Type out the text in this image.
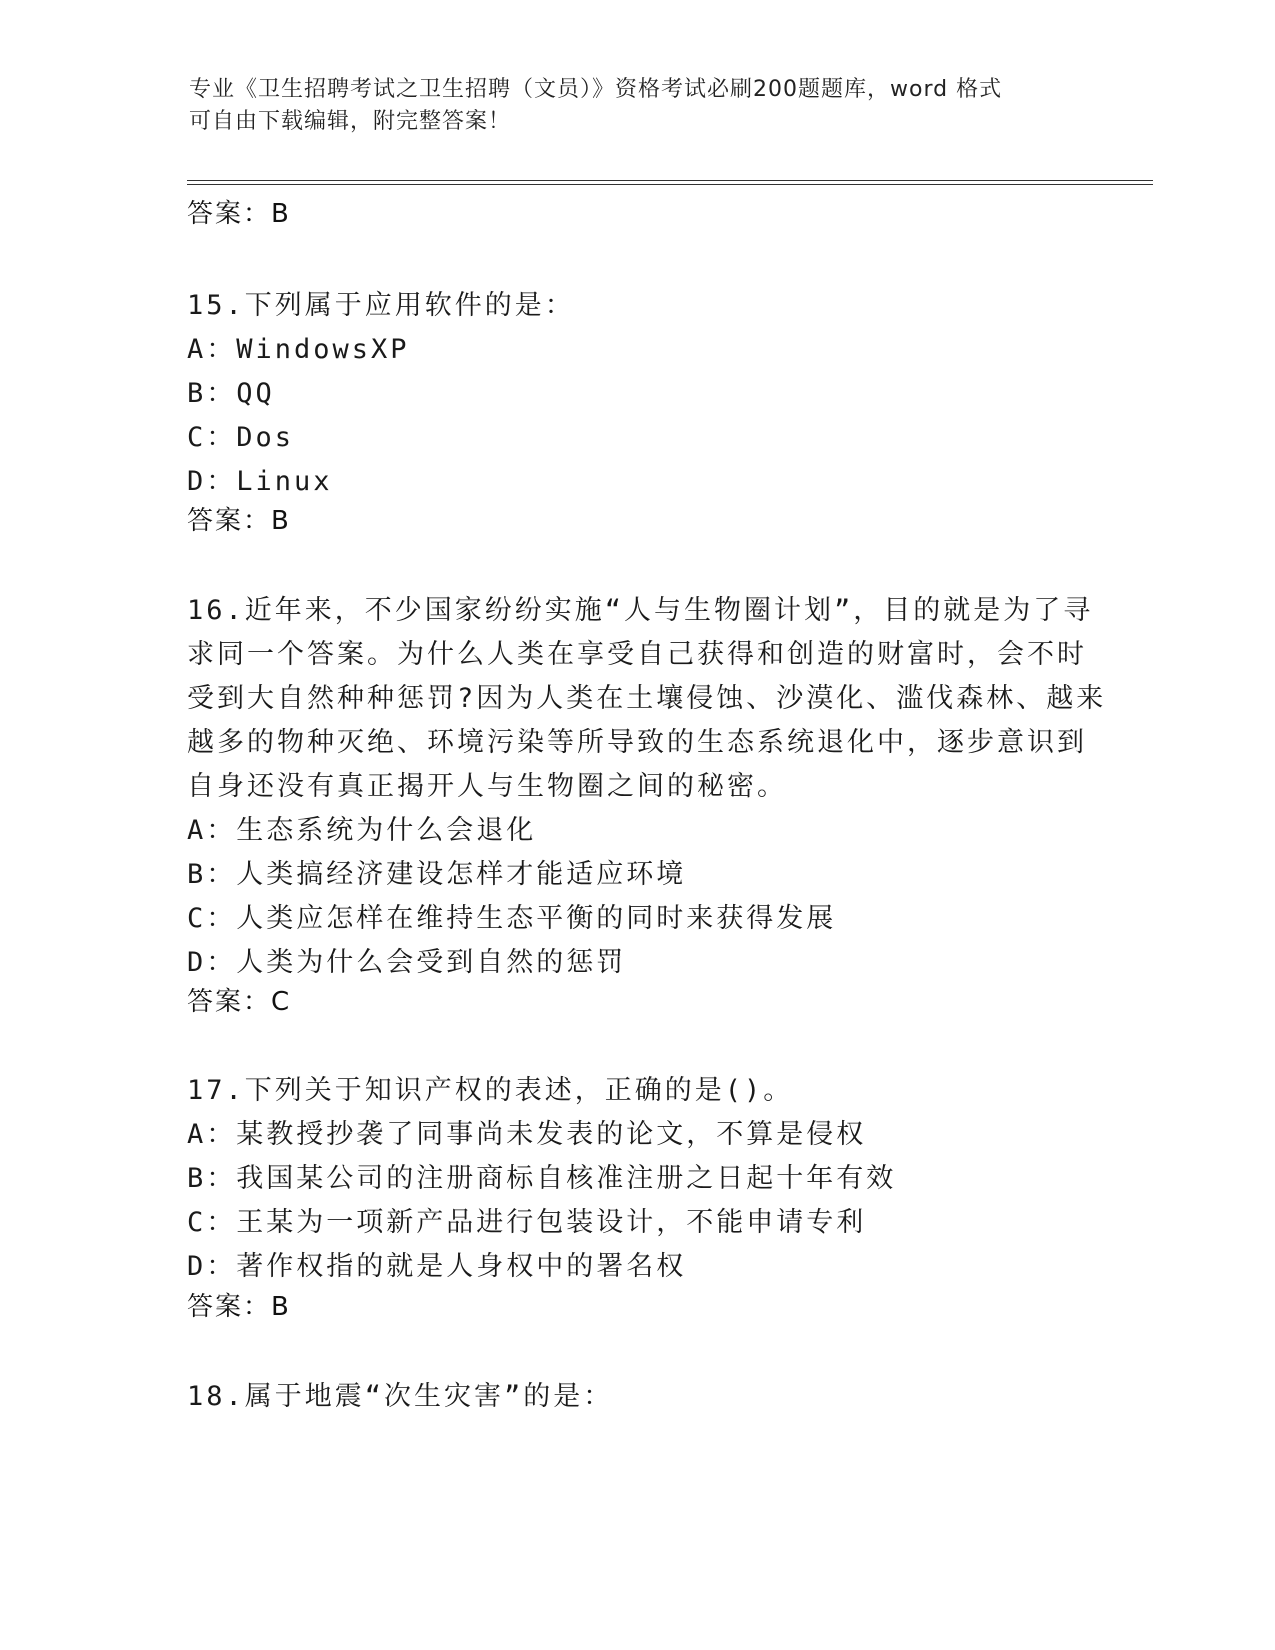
专业《卫生招聘考试之卫生招聘（文员）》资格考试必刷200题题库，word 格式
可自由下载编辑，附完整答案！
答案：B
15.下列属于应用软件的是：
A：WindowsXP
B：QQ
C：Dos
D：Linux
答案：B
16.近年来，不少国家纷纷实施“人与生物圈计划”，目的就是为了寻
求同一个答案。为什么人类在享受自己获得和创造的财富时，会不时
受到大自然种种惩罚?因为人类在土壤侵蚀、沙漠化、滥伐森林、越来
越多的物种灭绝、环境污染等所导致的生态系统退化中，逐步意识到
自身还没有真正揭开人与生物圈之间的秘密。
A：生态系统为什么会退化
B：人类搞经济建设怎样才能适应环境
C：人类应怎样在维持生态平衡的同时来获得发展
D：人类为什么会受到自然的惩罚
答案：C
17.下列关于知识产权的表述，正确的是()。
A：某教授抄袭了同事尚未发表的论文，不算是侵权
B：我国某公司的注册商标自核准注册之日起十年有效
C：王某为一项新产品进行包装设计，不能申请专利
D：著作权指的就是人身权中的署名权
答案：B
18.属于地震“次生灾害”的是：
